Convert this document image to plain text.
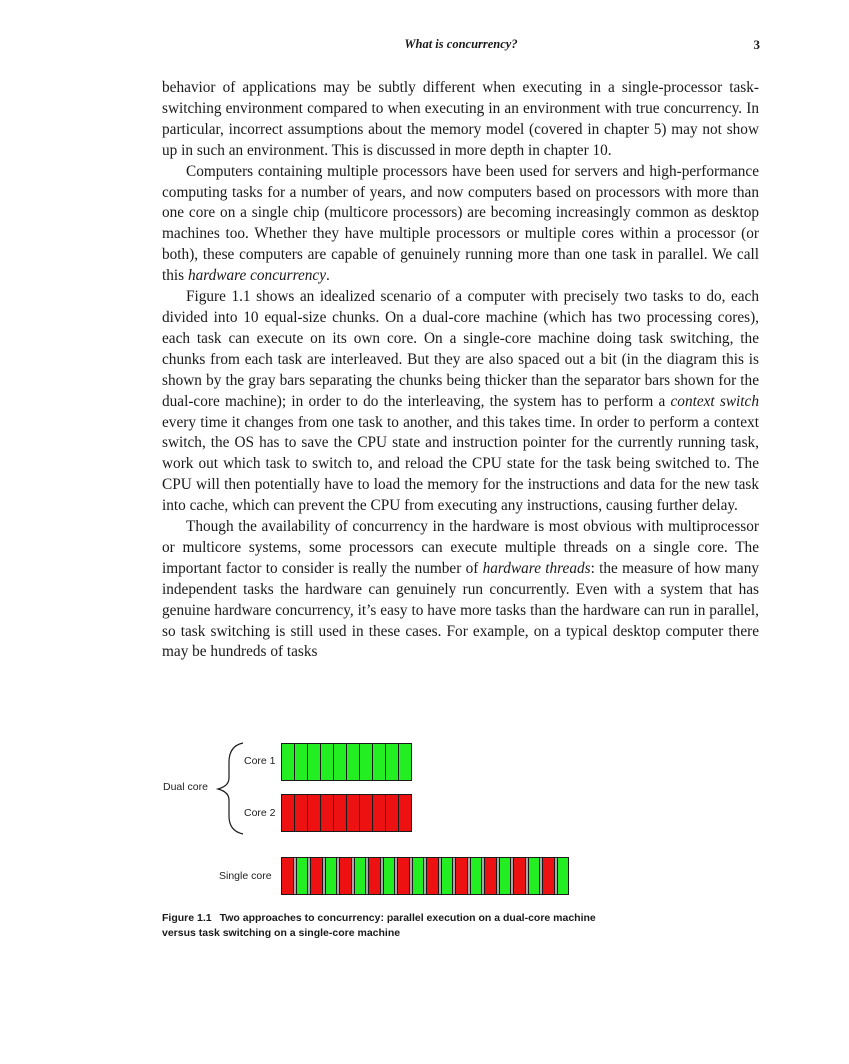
What is concurrency?	3

behavior of applications may be subtly different when executing in a single-processor task-switching environment compared to when executing in an environment with true concurrency. In particular, incorrect assumptions about the memory model (covered in chapter 5) may not show up in such an environment. This is discussed in more depth in chapter 10.

Computers containing multiple processors have been used for servers and high-performance computing tasks for a number of years, and now computers based on processors with more than one core on a single chip (multicore processors) are becoming increasingly common as desktop machines too. Whether they have multiple processors or multiple cores within a processor (or both), these computers are capable of genuinely running more than one task in parallel. We call this hardware concurrency.

Figure 1.1 shows an idealized scenario of a computer with precisely two tasks to do, each divided into 10 equal-size chunks. On a dual-core machine (which has two processing cores), each task can execute on its own core. On a single-core machine doing task switching, the chunks from each task are interleaved. But they are also spaced out a bit (in the diagram this is shown by the gray bars separating the chunks being thicker than the separator bars shown for the dual-core machine); in order to do the interleaving, the system has to perform a context switch every time it changes from one task to another, and this takes time. In order to perform a context switch, the OS has to save the CPU state and instruction pointer for the currently running task, work out which task to switch to, and reload the CPU state for the task being switched to. The CPU will then potentially have to load the memory for the instructions and data for the new task into cache, which can prevent the CPU from executing any instructions, causing further delay.

Though the availability of concurrency in the hardware is most obvious with multiprocessor or multicore systems, some processors can execute multiple threads on a single core. The important factor to consider is really the number of hardware threads: the measure of how many independent tasks the hardware can genuinely run concurrently. Even with a system that has genuine hardware concurrency, it’s easy to have more tasks than the hardware can run in parallel, so task switching is still used in these cases. For example, on a typical desktop computer there may be hundreds of tasks

Dual core
Core 1
Core 2
Single core
Figure 1.1 Two approaches to concurrency: parallel execution on a dual-core machine versus task switching on a single-core machine
